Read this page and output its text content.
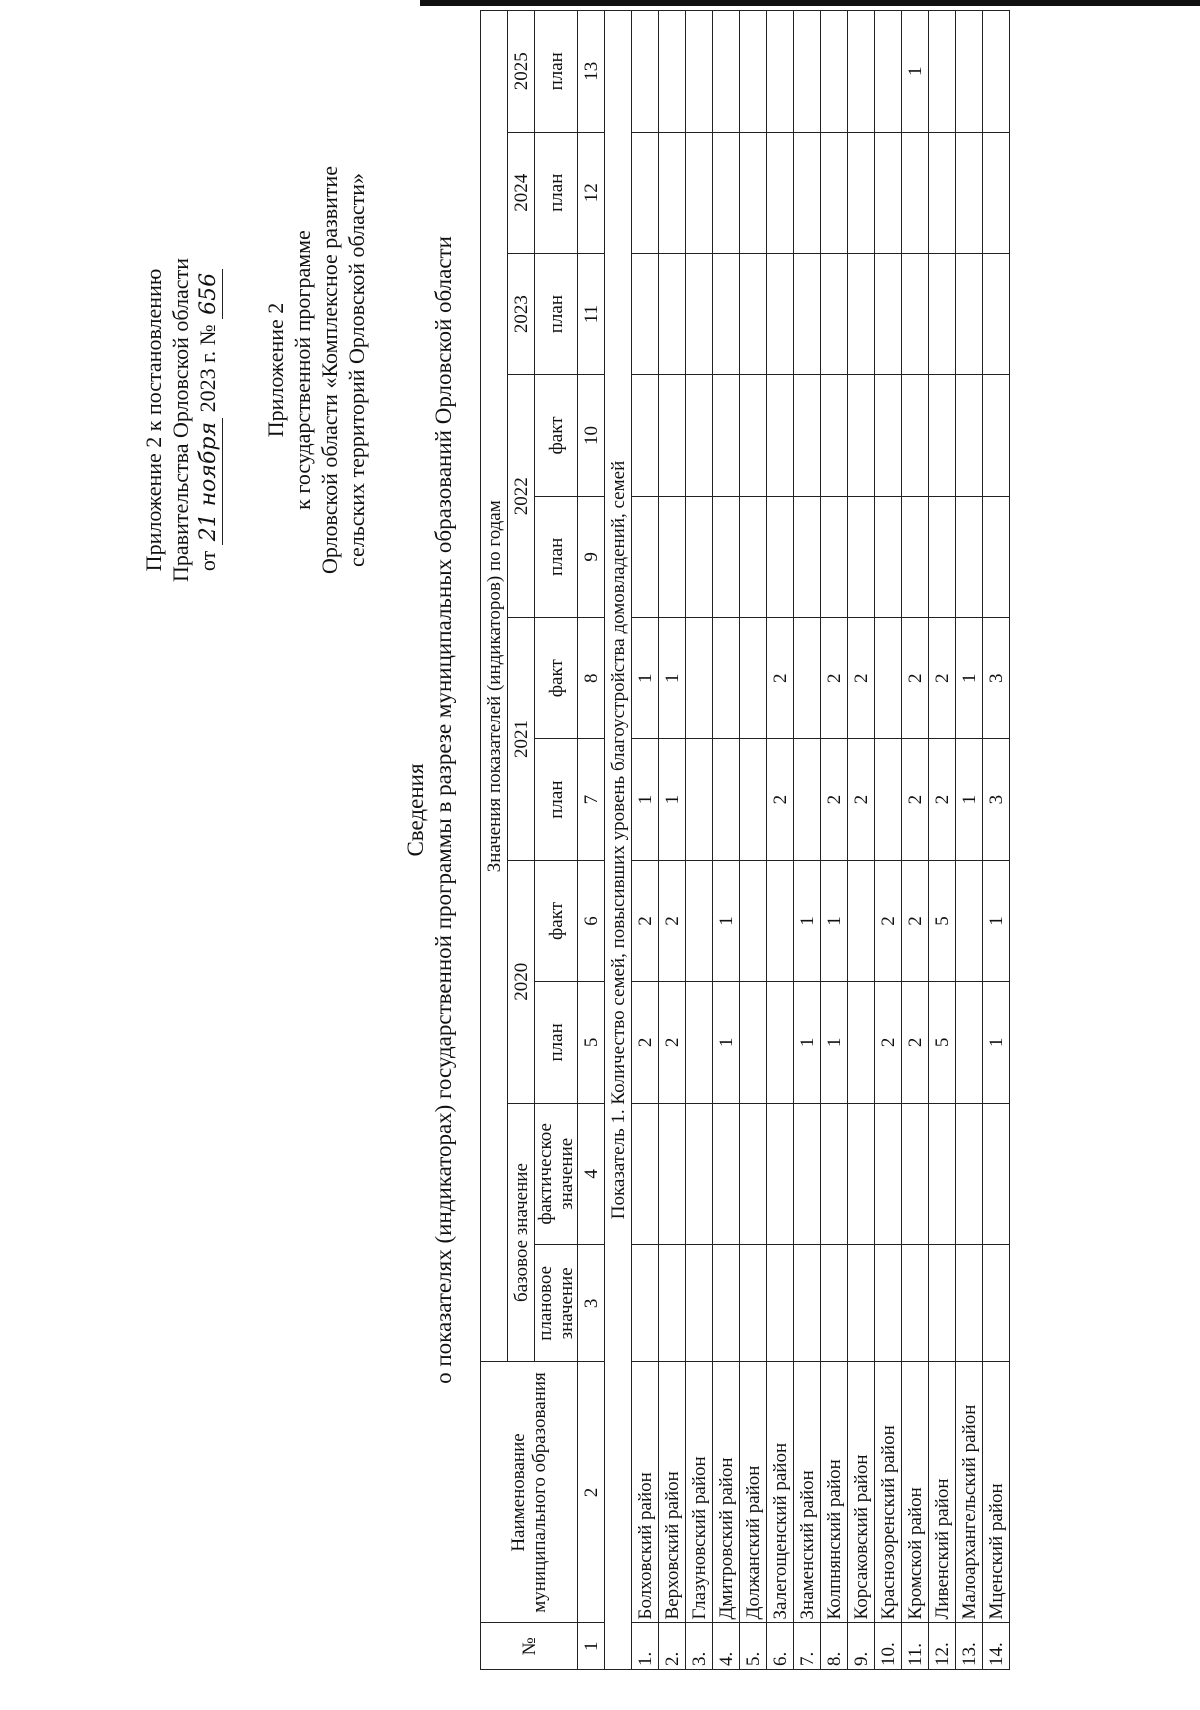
Приложение 2 к постановлению Правительства Орловской области от 21 ноября 2023 г. № 656
Приложение 2 к государственной программе Орловской области «Комплексное развитие сельских территорий Орловской области»
Сведения о показателях (индикаторах) государственной программы в разрезе муниципальных образований Орловской области
№	Наименование муниципального образования	Значения показателей (индикаторов) по годам										
		базовое значение		2020		2021		2022		2023	2024	2025
				план	факт	план	факт	план	факт	план	план	план
		плановое значение	фактическое значение									
1	2	3	4	5	6	7	8	9	10	11	12	13
Показатель 1. Количество семей, повысивших уровень благоустройства домовладений, семей												
1.	Болховский район			2	2	1	1					
2.	Верховский район			2	2	1	1					
3.	Глазуновский район											
4.	Дмитровский район			1	1							
5.	Должанский район											
6.	Залегощенский район					2	2					
7.	Знаменский район			1	1							
8.	Колпнянский район			1	1	2	2					
9.	Корсаковский район					2	2					
10.	Краснозоренский район			2	2							
11.	Кромской район			2	2	2	2					1
12.	Ливенский район			5	5	2	2					
13.	Малоархангельский район					1	1					
14.	Мценский район			1	1	3	3					
